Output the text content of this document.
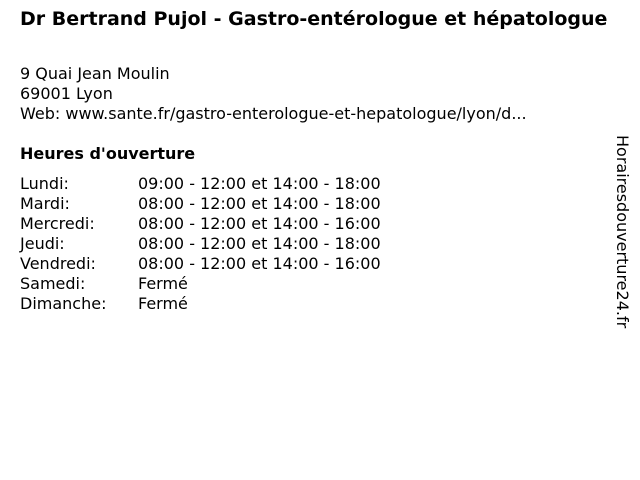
Dr Bertrand Pujol - Gastro-entérologue et hépatologue
9 Quai Jean Moulin
69001 Lyon
Web: www.sante.fr/gastro-enterologue-et-hepatologue/lyon/d...
Heures d'ouverture
Lundi:	09:00 - 12:00 et 14:00 - 18:00
Mardi:	08:00 - 12:00 et 14:00 - 18:00
Mercredi:	08:00 - 12:00 et 14:00 - 16:00
Jeudi:	08:00 - 12:00 et 14:00 - 18:00
Vendredi:	08:00 - 12:00 et 14:00 - 16:00
Samedi:	Fermé
Dimanche:	Fermé	Horairesdouverture24.fr
